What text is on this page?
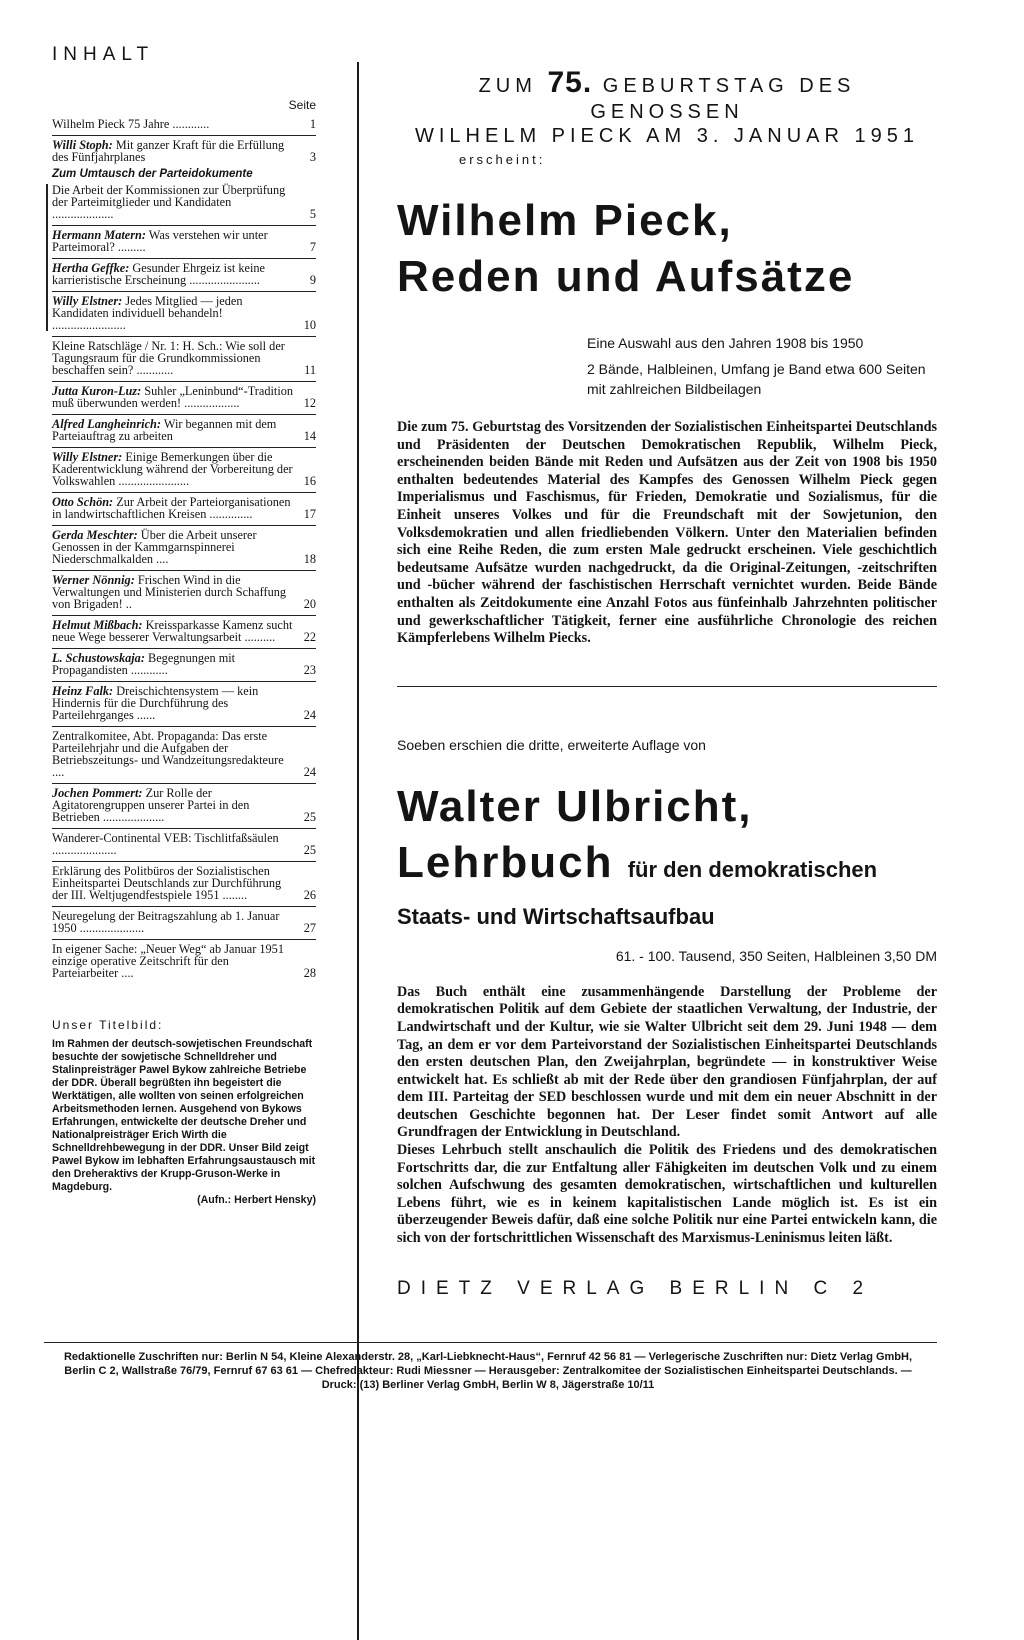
INHALT
Seite
Wilhelm Pieck 75 Jahre ............	1
Willi Stoph: Mit ganzer Kraft für die Erfüllung des Fünfjahrplanes	3
Zum Umtausch der Parteidokumente
Die Arbeit der Kommissionen zur Überprüfung der Parteimitglieder und Kandidaten ....................	5
Hermann Matern: Was verstehen wir unter Parteimoral? .........	7
Hertha Geffke: Gesunder Ehrgeiz ist keine karrieristische Erscheinung .......................	9
Willy Elstner: Jedes Mitglied — jeden Kandidaten individuell behandeln! ........................	10
Kleine Ratschläge / Nr. 1: H. Sch.: Wie soll der Tagungsraum für die Grundkommissionen beschaffen sein? ............	11
Jutta Kuron-Luz: Suhler „Leninbund“-Tradition muß überwunden werden! ..................	12
Alfred Langheinrich: Wir begannen mit dem Parteiauftrag zu arbeiten	14
Willy Elstner: Einige Bemerkungen über die Kaderentwicklung während der Vorbereitung der Volkswahlen .......................	16
Otto Schön: Zur Arbeit der Parteiorganisationen in landwirtschaftlichen Kreisen ..............	17
Gerda Meschter: Über die Arbeit unserer Genossen in der Kammgarnspinnerei Niederschmalkalden ....	18
Werner Nönnig: Frischen Wind in die Verwaltungen und Ministerien durch Schaffung von Brigaden! ..	20
Helmut Mißbach: Kreissparkasse Kamenz sucht neue Wege besserer Verwaltungsarbeit .......... 22
L. Schustowskaja: Begegnungen mit Propagandisten ............	23
Heinz Falk: Dreischichtensystem — kein Hindernis für die Durchführung des Parteilehrganges ......	24
Zentralkomitee, Abt. Propaganda: Das erste Parteilehrjahr und die Aufgaben der Betriebszeitungs- und Wandzeitungsredakteure ....	24
Jochen Pommert: Zur Rolle der Agitatorengruppen unserer Partei in den Betrieben ....................	25
Wanderer-Continental VEB: Tischlitfaßsäulen .....................	25
Erklärung des Politbüros der Sozialistischen Einheitspartei Deutschlands zur Durchführung der III. Weltjugendfestspiele 1951 ........	26
Neuregelung der Beitragszahlung ab 1. Januar 1950 .....................	27
In eigener Sache: „Neuer Weg“ ab Januar 1951 einzige operative Zeitschrift für den Parteiarbeiter ....	28
Unser Titelbild:
Im Rahmen der deutsch-sowjetischen Freundschaft besuchte der sowjetische Schnelldreher und Stalinpreisträger Pawel Bykow zahlreiche Betriebe der DDR. Überall begrüßten ihn begeistert die Werktätigen, alle wollten von seinen erfolgreichen Arbeitsmethoden lernen. Ausgehend von Bykows Erfahrungen, entwickelte der deutsche Dreher und Nationalpreisträger Erich Wirth die Schnelldrehbewegung in der DDR. Unser Bild zeigt Pawel Bykow im lebhaften Erfahrungsaustausch mit den Dreheraktivs der Krupp-Gruson-Werke in Magdeburg.
(Aufn.: Herbert Hensky)

ZUM 75. GEBURTSTAG DES GENOSSEN

WILHELM PIECK AM 3. JANUAR 1951

erscheint:
Wilhelm Pieck,
Reden und Aufsätze
Eine Auswahl aus den Jahren 1908 bis 1950
2 Bände, Halbleinen, Umfang je Band etwa 600 Seiten
mit zahlreichen Bildbeilagen

Die zum 75. Geburtstag des Vorsitzenden der Sozialistischen Einheitspartei Deutschlands und Präsidenten der Deutschen Demokratischen Republik, Wilhelm Pieck, erscheinenden beiden Bände mit Reden und Aufsätzen aus der Zeit von 1908 bis 1950 enthalten bedeutendes Material des Kampfes des Genossen Wilhelm Pieck gegen Imperialismus und Faschismus, für Frieden, Demokratie und Sozialismus, für die Einheit unseres Volkes und für die Freundschaft mit der Sowjetunion, den Volksdemokratien und allen friedliebenden Völkern. Unter den Materialien befinden sich eine Reihe Reden, die zum ersten Male gedruckt erscheinen. Viele geschichtlich bedeutsame Aufsätze wurden nachgedruckt, da die Original-Zeitungen, -zeitschriften und -bücher während der faschistischen Herrschaft vernichtet wurden. Beide Bände enthalten als Zeitdokumente eine Anzahl Fotos aus fünfeinhalb Jahrzehnten politischer und gewerkschaftlicher Tätigkeit, ferner eine ausführliche Chronologie des reichen Kämpferlebens Wilhelm Piecks.

Soeben erschien die dritte, erweiterte Auflage von
Walter Ulbricht,
Lehrbuch für den demokratischen
Staats- und Wirtschaftsaufbau
61. - 100. Tausend, 350 Seiten, Halbleinen 3,50 DM

Das Buch enthält eine zusammenhängende Darstellung der Probleme der demokratischen Politik auf dem Gebiete der staatlichen Verwaltung, der Industrie, der Landwirtschaft und der Kultur, wie sie Walter Ulbricht seit dem 29. Juni 1948 — dem Tag, an dem er vor dem Parteivorstand der Sozialistischen Einheitspartei Deutschlands den ersten deutschen Plan, den Zweijahrplan, begründete — in konstruktiver Weise entwickelt hat. Es schließt ab mit der Rede über den grandiosen Fünfjahrplan, der auf dem III. Parteitag der SED beschlossen wurde und mit dem ein neuer Abschnitt in der deutschen Geschichte begonnen hat. Der Leser findet somit Antwort auf alle Grundfragen der Entwicklung in Deutschland.

Dieses Lehrbuch stellt anschaulich die Politik des Friedens und des demokratischen Fortschritts dar, die zur Entfaltung aller Fähigkeiten im deutschen Volk und zu einem solchen Aufschwung des gesamten demokratischen, wirtschaftlichen und kulturellen Lebens führt, wie es in keinem kapitalistischen Lande möglich ist. Es ist ein überzeugender Beweis dafür, daß eine solche Politik nur eine Partei entwickeln kann, die sich von der fortschrittlichen Wissenschaft des Marxismus-Leninismus leiten läßt.

DIETZ VERLAG BERLIN C 2
Redaktionelle Zuschriften nur: Berlin N 54, Kleine Alexanderstr. 28, „Karl-Liebknecht-Haus“, Fernruf 42 56 81 — Verlegerische Zuschriften nur: Dietz Verlag GmbH, Berlin C 2, Wallstraße 76/79, Fernruf 67 63 61 — Chefredakteur: Rudi Miessner — Herausgeber: Zentralkomitee der Sozialistischen Einheitspartei Deutschlands. — Druck: (13) Berliner Verlag GmbH, Berlin W 8, Jägerstraße 10/11
